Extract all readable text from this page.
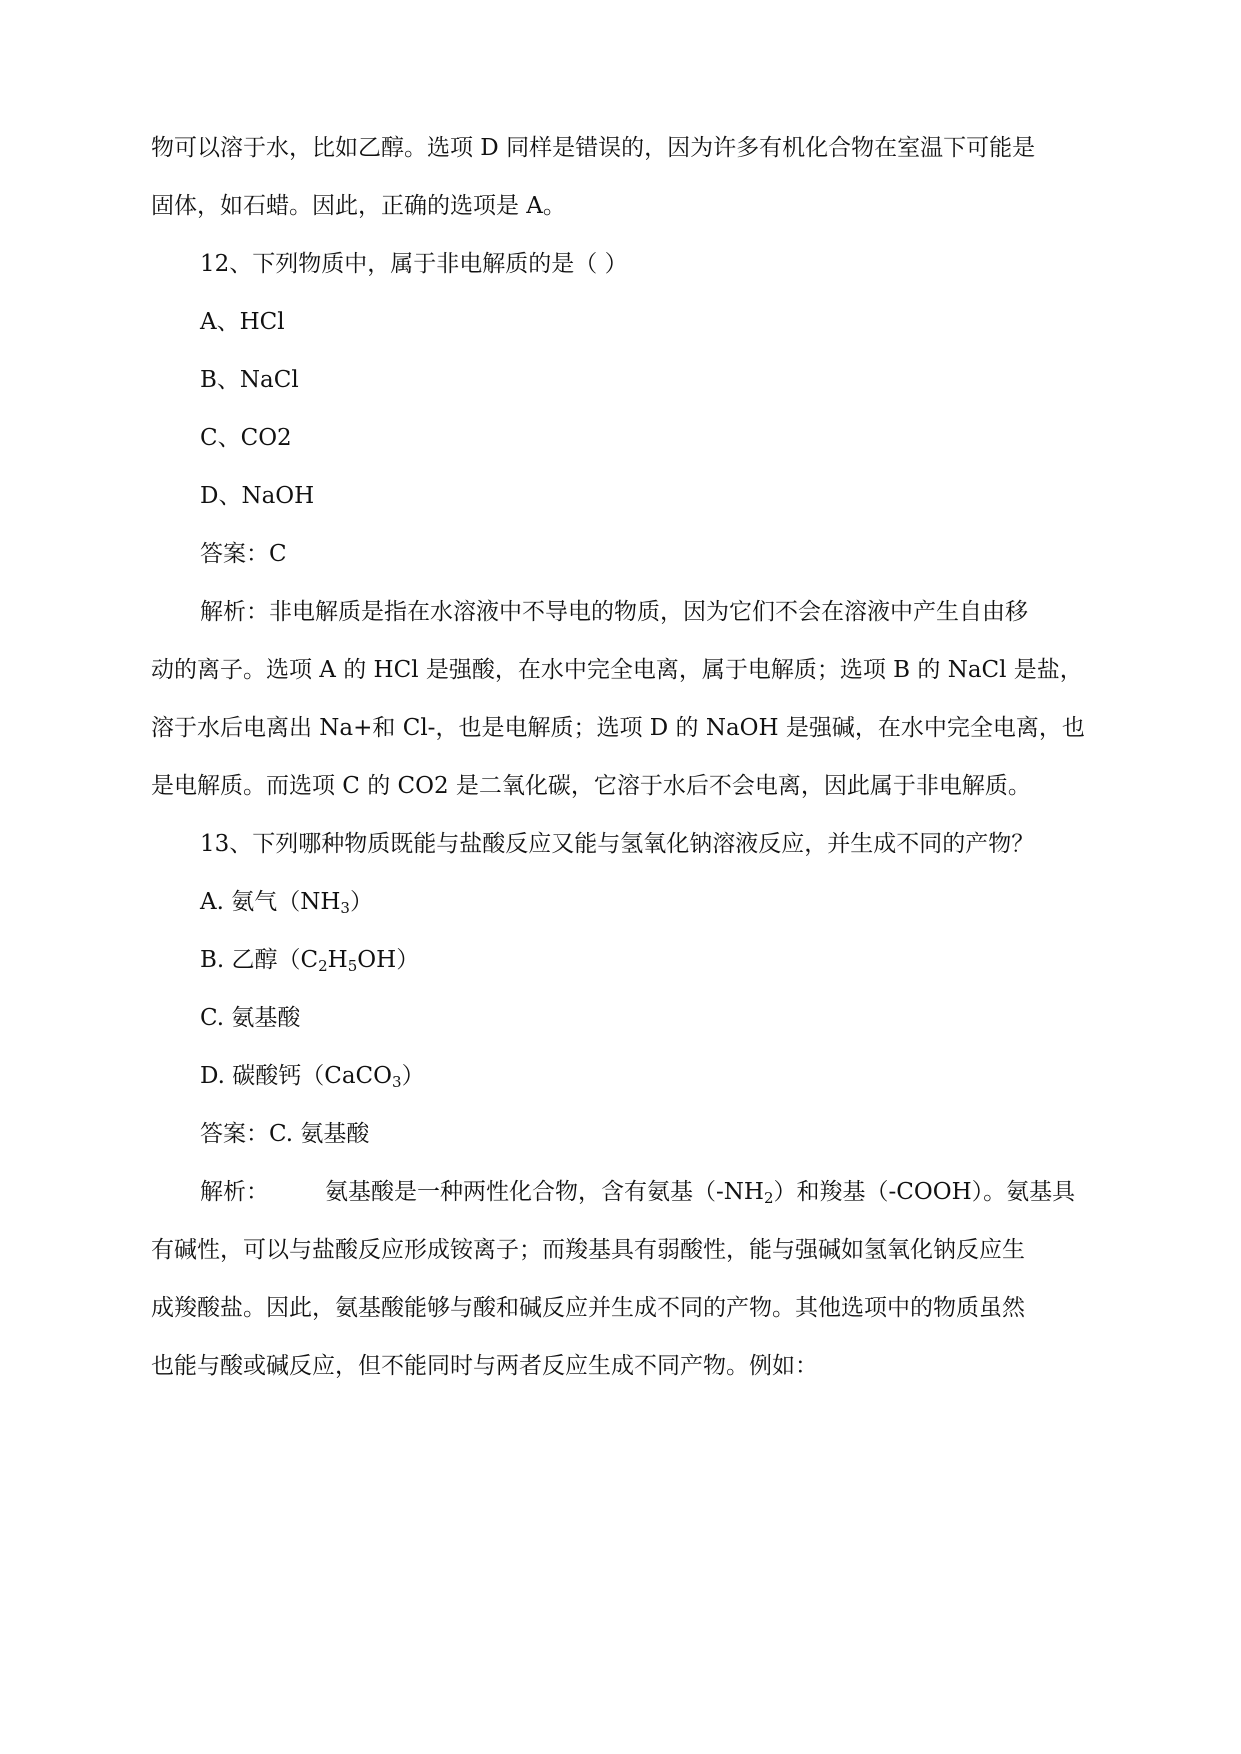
物可以溶于水，比如乙醇。选项 D 同样是错误的，因为许多有机化合物在室温下可能是
固体，如石蜡。因此，正确的选项是 A。
12、下列物质中，属于非电解质的是（ ）
A、HCl
B、NaCl
C、CO2
D、NaOH
答案：C
解析：非电解质是指在水溶液中不导电的物质，因为它们不会在溶液中产生自由移
动的离子。选项 A 的 HCl 是强酸，在水中完全电离，属于电解质；选项 B 的 NaCl 是盐，
溶于水后电离出 Na+和 Cl-，也是电解质；选项 D 的 NaOH 是强碱，在水中完全电离，也
是电解质。而选项 C 的 CO2 是二氧化碳，它溶于水后不会电离，因此属于非电解质。
13、下列哪种物质既能与盐酸反应又能与氢氧化钠溶液反应，并生成不同的产物？
A. 氨气$(NH_3)$
B. 乙醇$(C_2H_5OH)$
C. 氨基酸
D. 碳酸钙（CaCO$_3$）
答案：C. 氨基酸
解析： 氨基酸是一种两性化合物，含有氨基$(-NH_2)$和羧基（-COOH）。氨基具
有碱性，可以与盐酸反应形成铵离子；而羧基具有弱酸性，能与强碱如氢氧化钠反应生
成羧酸盐。因此，氨基酸能够与酸和碱反应并生成不同的产物。其他选项中的物质虽然
也能与酸或碱反应，但不能同时与两者反应生成不同产物。例如：
